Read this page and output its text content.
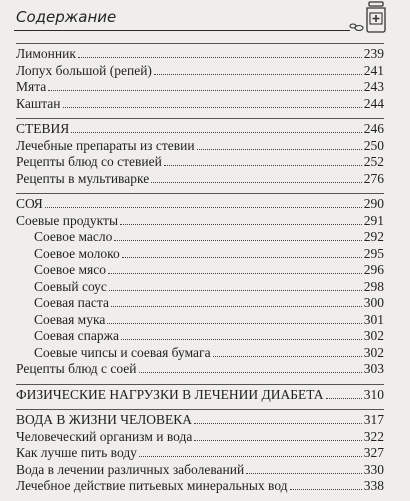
Содержание
Лимонник	239
Лопух большой (репей)	241
Мята	243
Каштан	244
СТЕВИЯ	246
Лечебные препараты из стевии	250
Рецепты блюд со стевией	252
Рецепты в мультиварке	276
СОЯ	290
Соевые продукты	291
Соевое масло	292
Соевое молоко	295
Соевое мясо	296
Соевый соус	298
Соевая паста	300
Соевая мука	301
Соевая спаржа	302
Соевые чипсы и соевая бумага	302
Рецепты блюд с соей	303
ФИЗИЧЕСКИЕ НАГРУЗКИ В ЛЕЧЕНИИ ДИАБЕТА	310
ВОДА В ЖИЗНИ ЧЕЛОВЕКА	317
Человеческий организм и вода	322
Как лучше пить воду	327
Вода в лечении различных заболеваний	330
Лечебное действие питьевых минеральных вод	338
